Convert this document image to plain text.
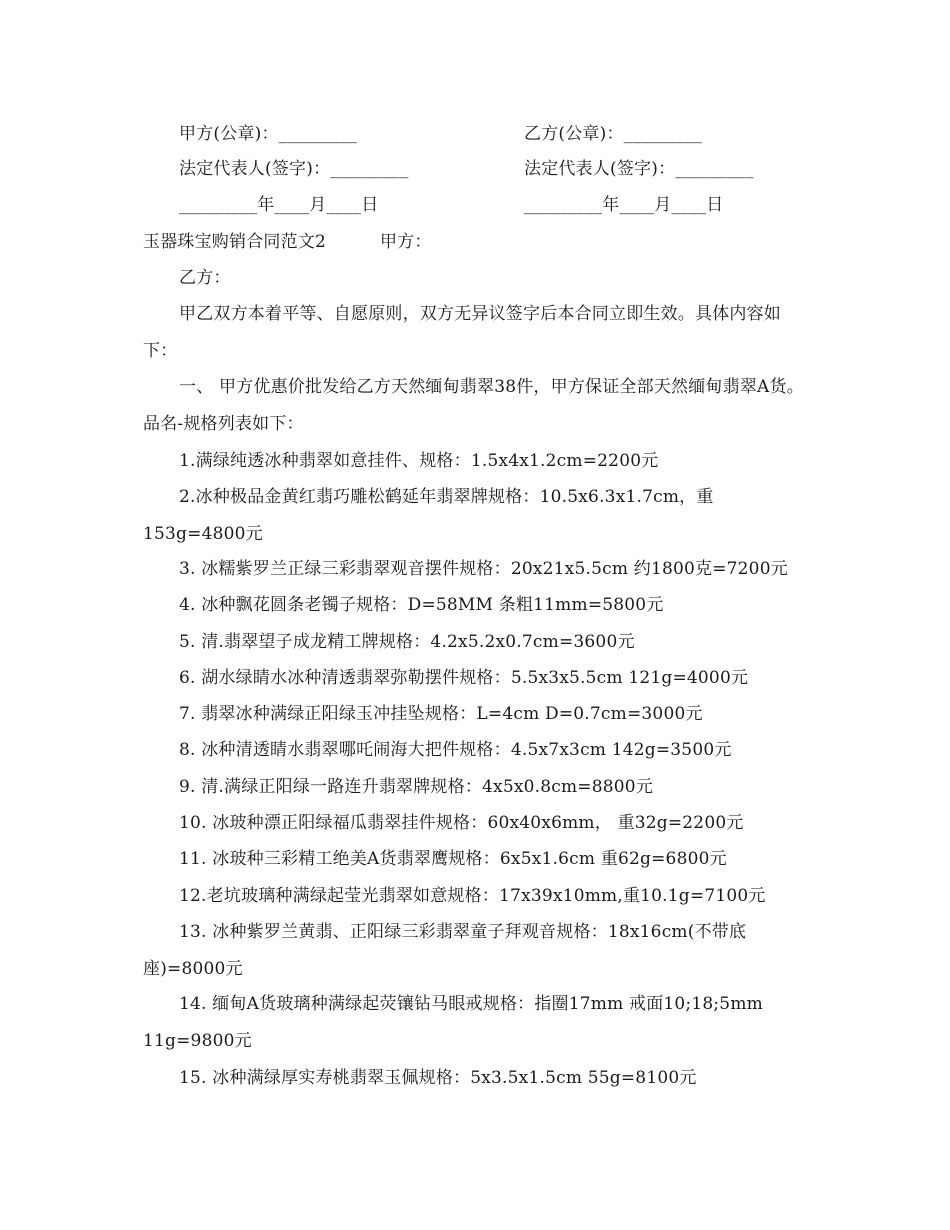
甲方(公章)：_________	乙方(公章)：_________
法定代表人(签字)：_________	法定代表人(签字)：_________
_________年____月____日	_________年____月____日
玉器珠宝购销合同范文2	甲方：
乙方：
甲乙双方本着平等、自愿原则，双方无异议签字后本合同立即生效。具体内容如下：
一、 甲方优惠价批发给乙方天然缅甸翡翠38件，甲方保证全部天然缅甸翡翠A货。品名-规格列表如下：
1.满绿纯透冰种翡翠如意挂件、规格：1.5x4x1.2cm=2200元
2.冰种极品金黄红翡巧雕松鹤延年翡翠牌规格：10.5x6.3x1.7cm，重153g=4800元
3. 冰糯紫罗兰正绿三彩翡翠观音摆件规格：20x21x5.5cm 约1800克=7200元
4. 冰种飘花圆条老镯子规格：D=58MM 条粗11mm=5800元
5. 清.翡翠望子成龙精工牌规格：4.2x5.2x0.7cm=3600元
6. 湖水绿睛水冰种清透翡翠弥勒摆件规格：5.5x3x5.5cm 121g=4000元
7. 翡翠冰种满绿正阳绿玉冲挂坠规格：L=4cm D=0.7cm=3000元
8. 冰种清透睛水翡翠哪吒闹海大把件规格：4.5x7x3cm 142g=3500元
9. 清.满绿正阳绿一路连升翡翠牌规格：4x5x0.8cm=8800元
10. 冰玻种漂正阳绿福瓜翡翠挂件规格：60x40x6mm， 重32g=2200元
11. 冰玻种三彩精工绝美A货翡翠鹰规格：6x5x1.6cm 重62g=6800元
12.老坑玻璃种满绿起莹光翡翠如意规格：17x39x10mm,重10.1g=7100元
13. 冰种紫罗兰黄翡、正阳绿三彩翡翠童子拜观音规格：18x16cm(不带底座)=8000元
14. 缅甸A货玻璃种满绿起荧镶钻马眼戒规格：指圈17mm 戒面10;18;5mm 11g=9800元
15. 冰种满绿厚实寿桃翡翠玉佩规格：5x3.5x1.5cm 55g=8100元
